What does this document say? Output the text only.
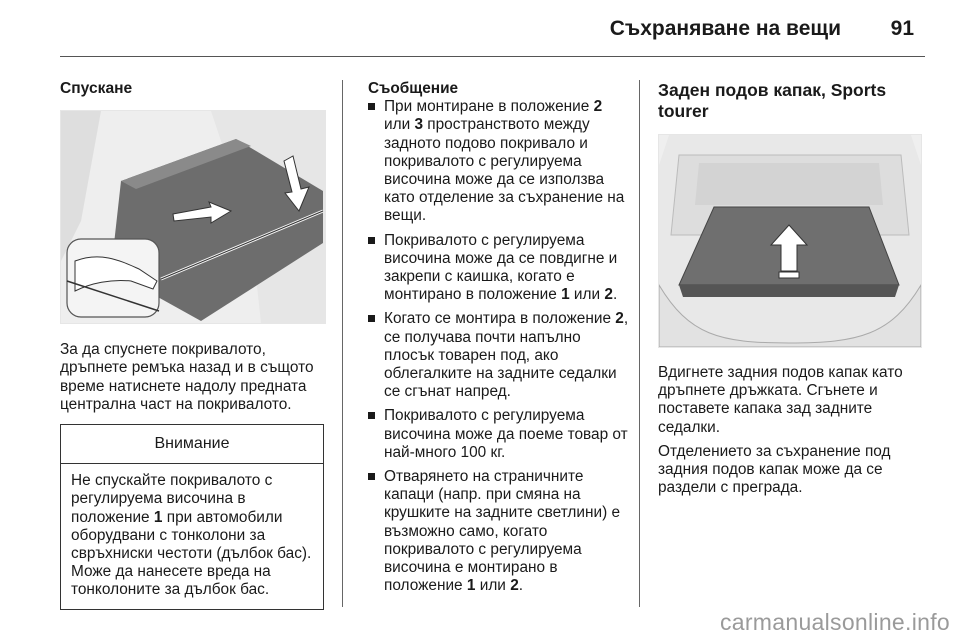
Съхраняване на вещи 91
Спускане

За да спуснете покривалото, дръпнете ремъка назад и в същото време натиснете надолу предната централна част на покривалото.

Внимание
Не спускайте покривалото с регулируема височина в положение 1 при автомобили оборудвани с тонколони за свръхниски честоти (дълбок бас). Може да нанесете вреда на тонколоните за дълбок бас.
Съобщение
При монтиране в положение 2 или 3 пространството между задното подово покривало и покривалото с регулируема височина може да се използва като отделение за съхранение на вещи.
Покривалото с регулируема височина може да се повдигне и закрепи с каишка, когато е монтирано в положение 1 или 2.
Когато се монтира в положение 2, се получава почти напълно плосък товарен под, ако облегалките на задните седалки се сгънат напред.
Покривалото с регулируема височина може да поеме товар от най-много 100 кг.
Отварянето на страничните капаци (напр. при смяна на крушките на задните светлини) е възможно само, когато покривалото с регулируема височина е монтирано в положение 1 или 2.
Заден подов капак, Sports tourer

Вдигнете задния подов капак като дръпнете дръжката. Сгънете и поставете капака зад задните седалки.

Отделението за съхранение под задния подов капак може да се раздели с преграда.

carmanualsonline.info
